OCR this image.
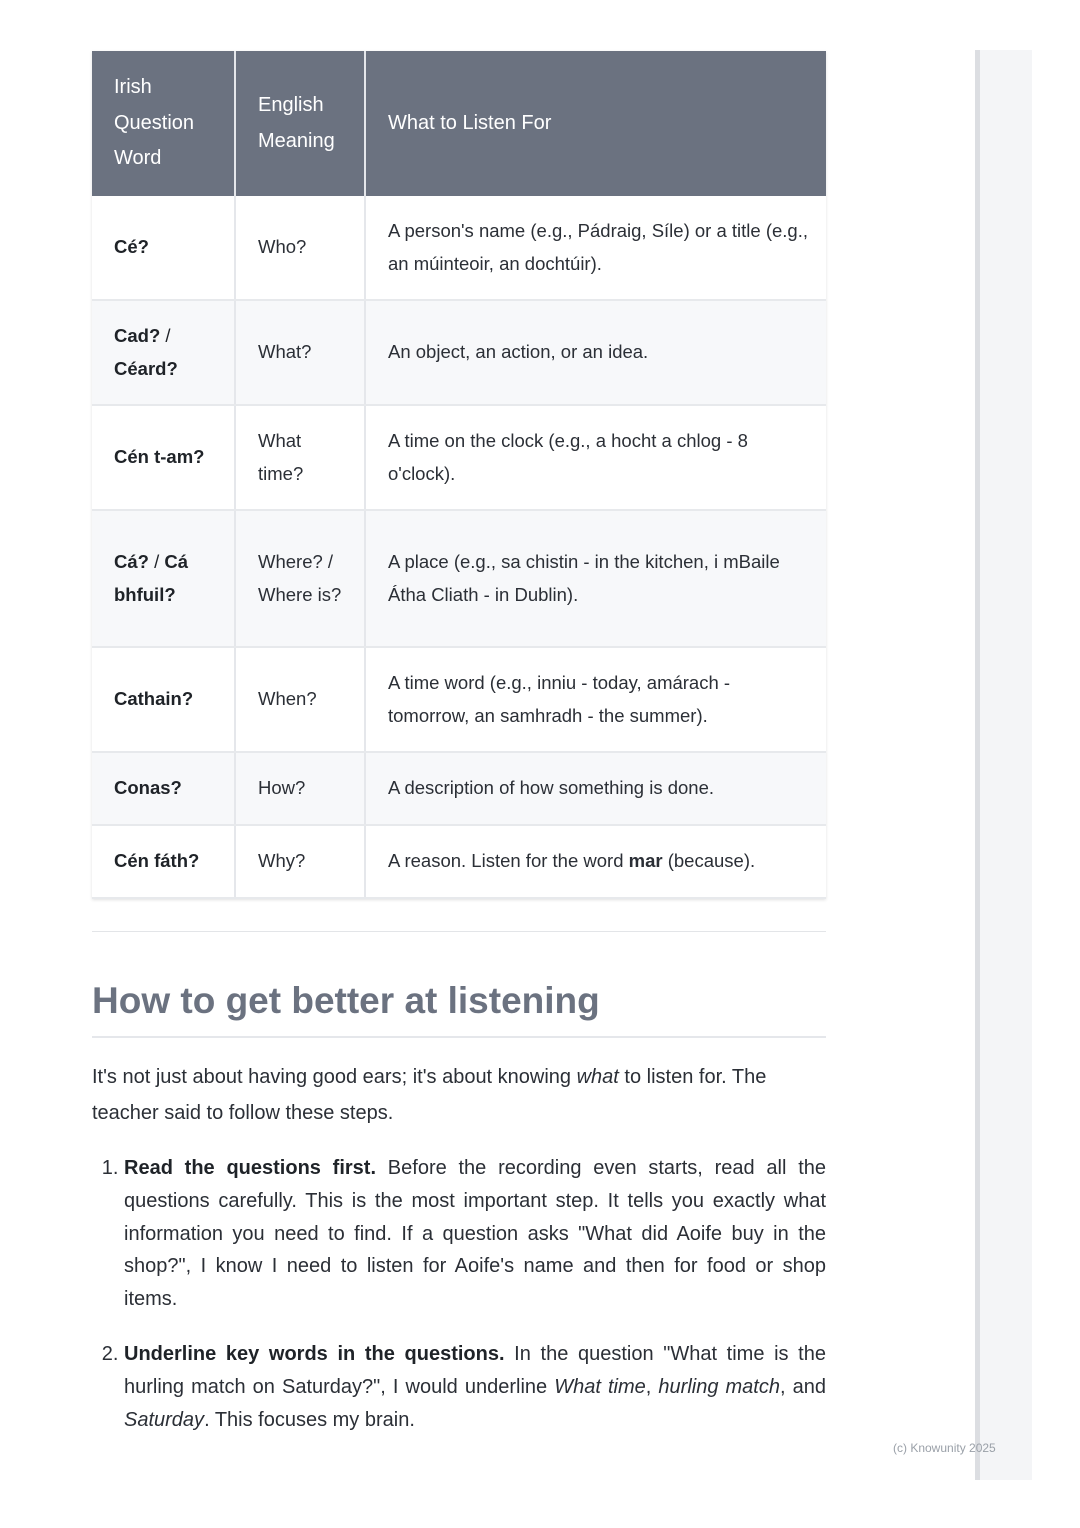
Irish Question Word	English Meaning	What to Listen For
Cé?	Who?	A person's name (e.g., Pádraig, Síle) or a title (e.g., an múinteoir, an dochtúir).
Cad? / Céard?	What?	An object, an action, or an idea.
Cén t-am?	What time?	A time on the clock (e.g., a hocht a chlog - 8 o'clock).
Cá? / Cá bhfuil?	Where? / Where is?	A place (e.g., sa chistin - in the kitchen, i mBaile Átha Cliath - in Dublin).
Cathain?	When?	A time word (e.g., inniu - today, amárach - tomorrow, an samhradh - the summer).
Conas?	How?	A description of how something is done.
Cén fáth?	Why?	A reason. Listen for the word mar (because).
How to get better at listening

It's not just about having good ears; it's about knowing what to listen for. The teacher said to follow these steps.

1. Read the questions first. Before the recording even starts, read all the questions carefully. This is the most important step. It tells you exactly what information you need to find. If a question asks "What did Aoife buy in the shop?", I know I need to listen for Aoife's name and then for food or shop items.
2. Underline key words in the questions. In the question "What time is the hurling match on Saturday?", I would underline What time, hurling match, and Saturday. This focuses my brain.
(c) Knowunity 2025
